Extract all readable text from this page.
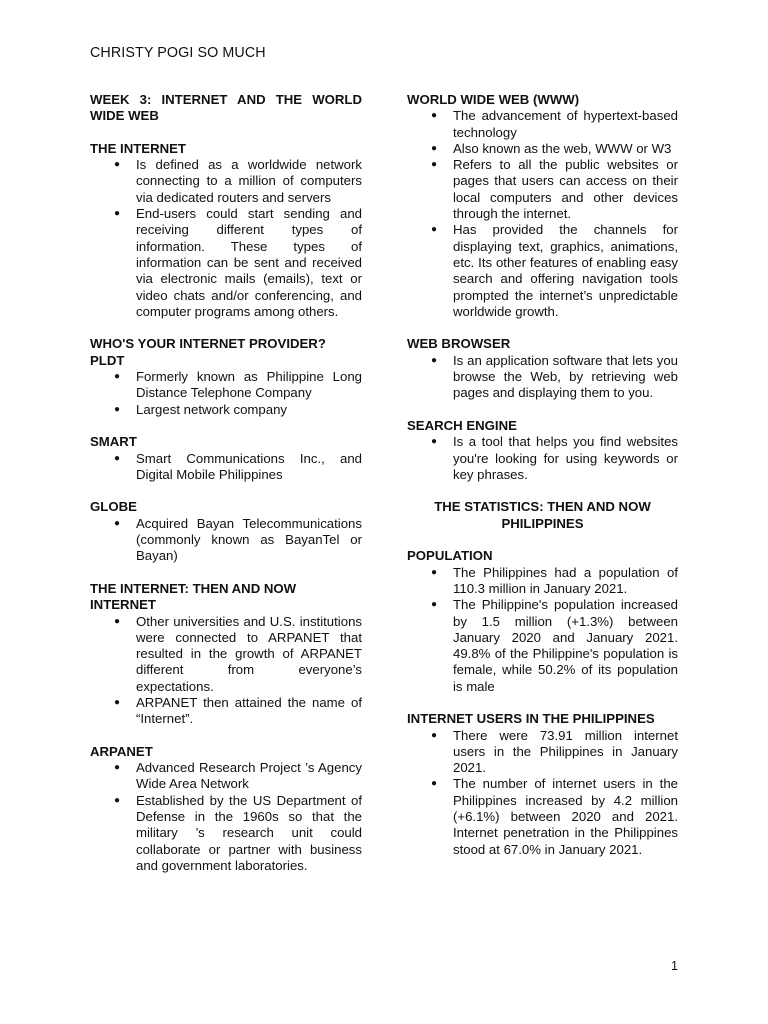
CHRISTY POGI SO MUCH
WEEK 3: INTERNET AND THE WORLD WIDE WEB
THE INTERNET
● Is defined as a worldwide network connecting to a million of computers via dedicated routers and servers
● End-users could start sending and receiving different types of information. These types of information can be sent and received via electronic mails (emails), text or video chats and/or conferencing, and computer programs among others.
WHO'S YOUR INTERNET PROVIDER?
PLDT
● Formerly known as Philippine Long Distance Telephone Company
● Largest network company
SMART
● Smart Communications Inc., and Digital Mobile Philippines
GLOBE
● Acquired Bayan Telecommunications (commonly known as BayanTel or Bayan)
THE INTERNET: THEN AND NOW
INTERNET
● Other universities and U.S. institutions were connected to ARPANET that resulted in the growth of ARPANET different from everyone’s expectations.
● ARPANET then attained the name of “Internet”.
ARPANET
● Advanced Research Project ’s Agency Wide Area Network
● Established by the US Department of Defense in the 1960s so that the military ’s research unit could collaborate or partner with business and government laboratories.
WORLD WIDE WEB (WWW)
● The advancement of hypertext-based technology
● Also known as the web, WWW or W3
● Refers to all the public websites or pages that users can access on their local computers and other devices through the internet.
● Has provided the channels for displaying text, graphics, animations, etc. Its other features of enabling easy search and offering navigation tools prompted the internet’s unpredictable worldwide growth.
WEB BROWSER
● Is an application software that lets you browse the Web, by retrieving web pages and displaying them to you.
SEARCH ENGINE
● Is a tool that helps you find websites you're looking for using keywords or key phrases.
THE STATISTICS: THEN AND NOW PHILIPPINES
POPULATION
● The Philippines had a population of 110.3 million in January 2021.
● The Philippine's population increased by 1.5 million (+1.3%) between January 2020 and January 2021. 49.8% of the Philippine's population is female, while 50.2% of its population is male
INTERNET USERS IN THE PHILIPPINES
● There were 73.91 million internet users in the Philippines in January 2021.
● The number of internet users in the Philippines increased by 4.2 million (+6.1%) between 2020 and 2021. Internet penetration in the Philippines stood at 67.0% in January 2021.
1
